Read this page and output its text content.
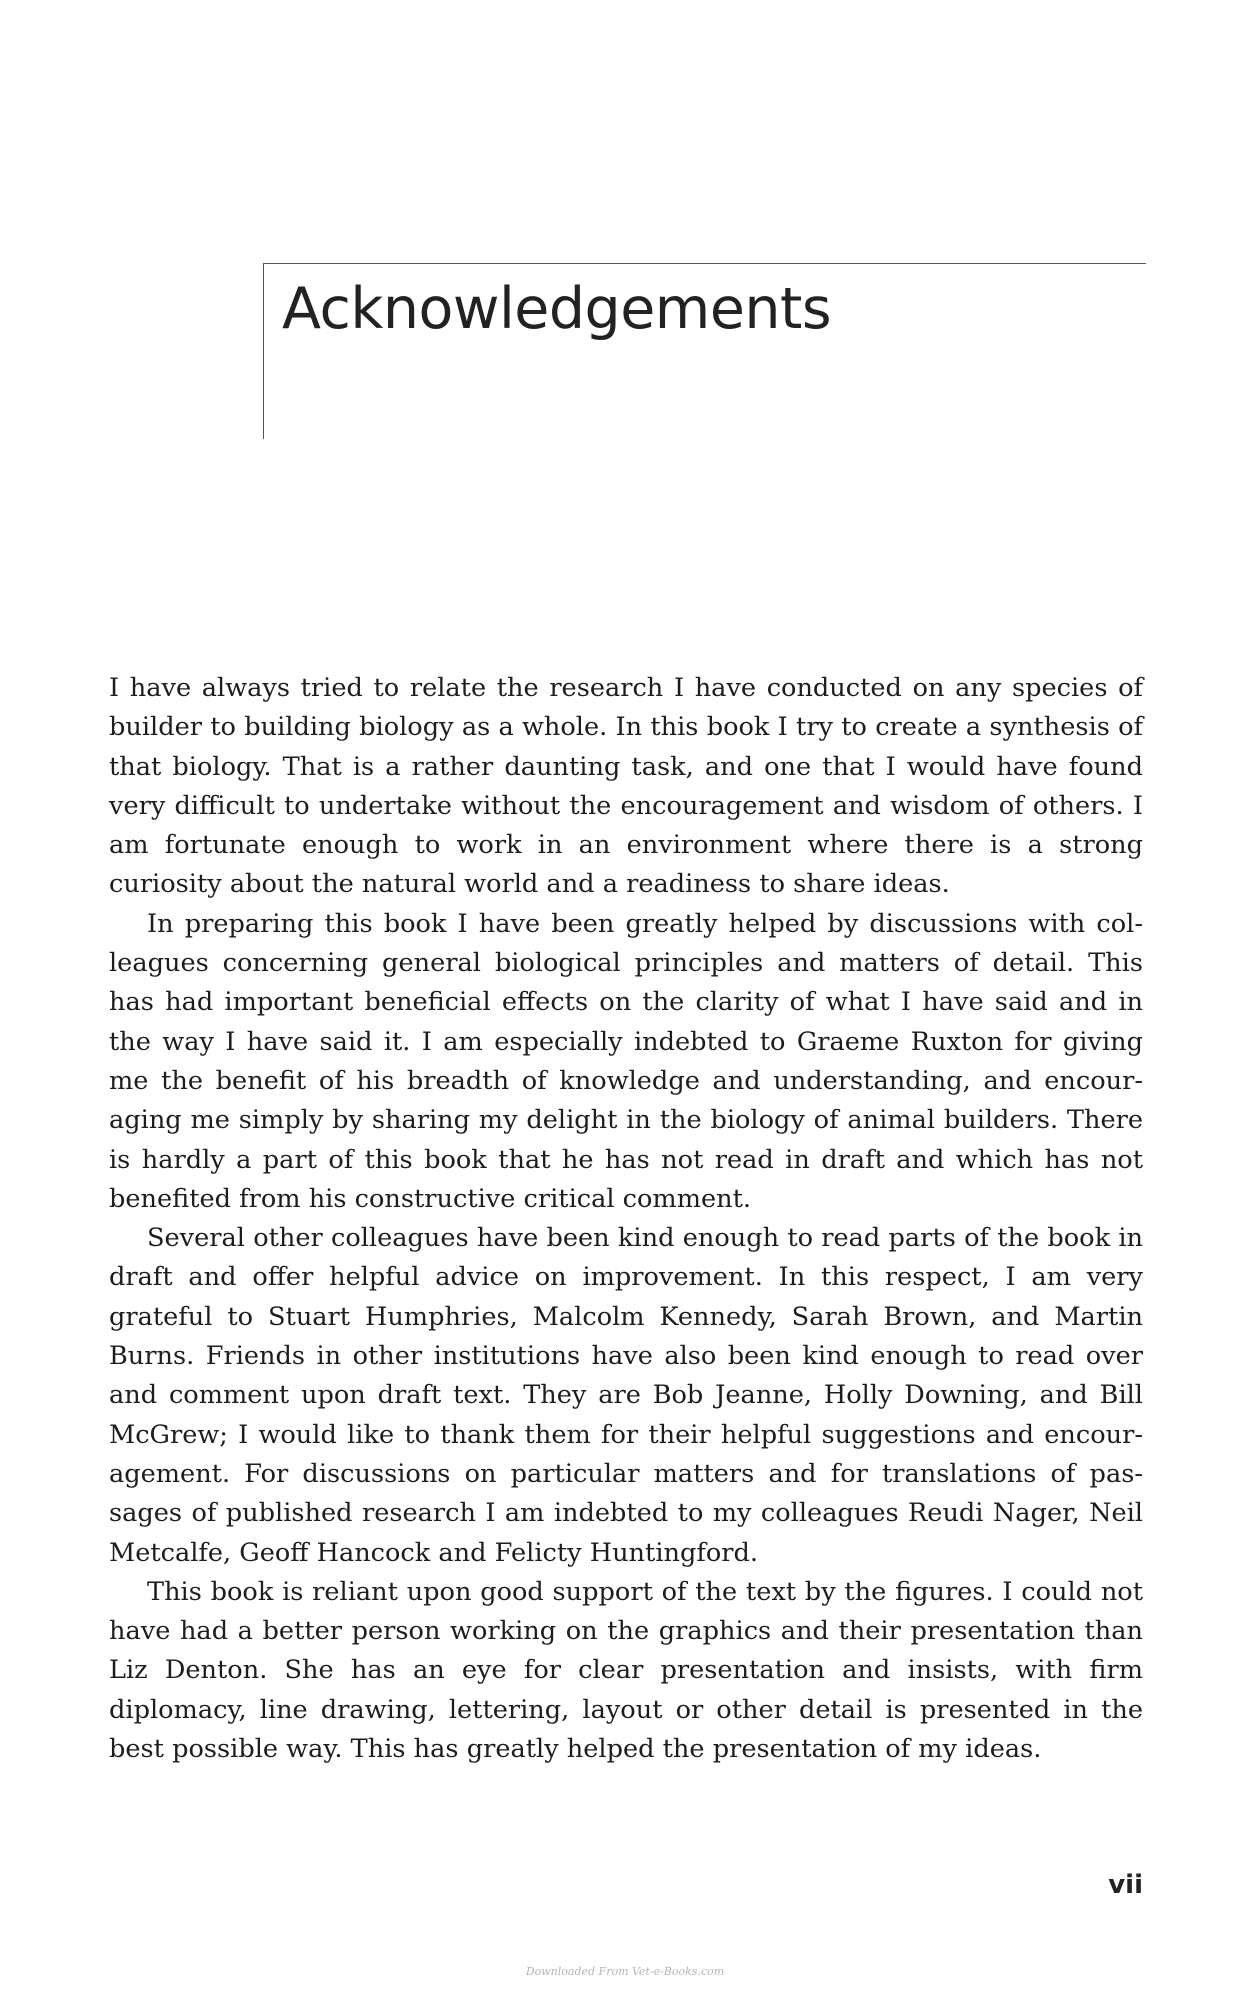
Acknowledgements

I have always tried to relate the research I have conducted on any species of builder to building biology as a whole. In this book I try to create a synthesis of that biology. That is a rather daunting task, and one that I would have found very difficult to undertake without the encouragement and wisdom of others. I am fortunate enough to work in an environment where there is a strong curiosity about the natural world and a readiness to share ideas.

In preparing this book I have been greatly helped by discussions with colleagues concerning general biological principles and matters of detail. This has had important beneficial effects on the clarity of what I have said and in the way I have said it. I am especially indebted to Graeme Ruxton for giving me the benefit of his breadth of knowledge and understanding, and encouraging me simply by sharing my delight in the biology of animal builders. There is hardly a part of this book that he has not read in draft and which has not benefited from his constructive critical comment.

Several other colleagues have been kind enough to read parts of the book in draft and offer helpful advice on improvement. In this respect, I am very grateful to Stuart Humphries, Malcolm Kennedy, Sarah Brown, and Martin Burns. Friends in other institutions have also been kind enough to read over and comment upon draft text. They are Bob Jeanne, Holly Downing, and Bill McGrew; I would like to thank them for their helpful suggestions and encouragement. For discussions on particular matters and for translations of passages of published research I am indebted to my colleagues Reudi Nager, Neil Metcalfe, Geoff Hancock and Felicty Huntingford.

This book is reliant upon good support of the text by the figures. I could not have had a better person working on the graphics and their presentation than Liz Denton. She has an eye for clear presentation and insists, with firm diplomacy, line drawing, lettering, layout or other detail is presented in the best possible way. This has greatly helped the presentation of my ideas.

vii
Downloaded From Vet-e-Books.com
